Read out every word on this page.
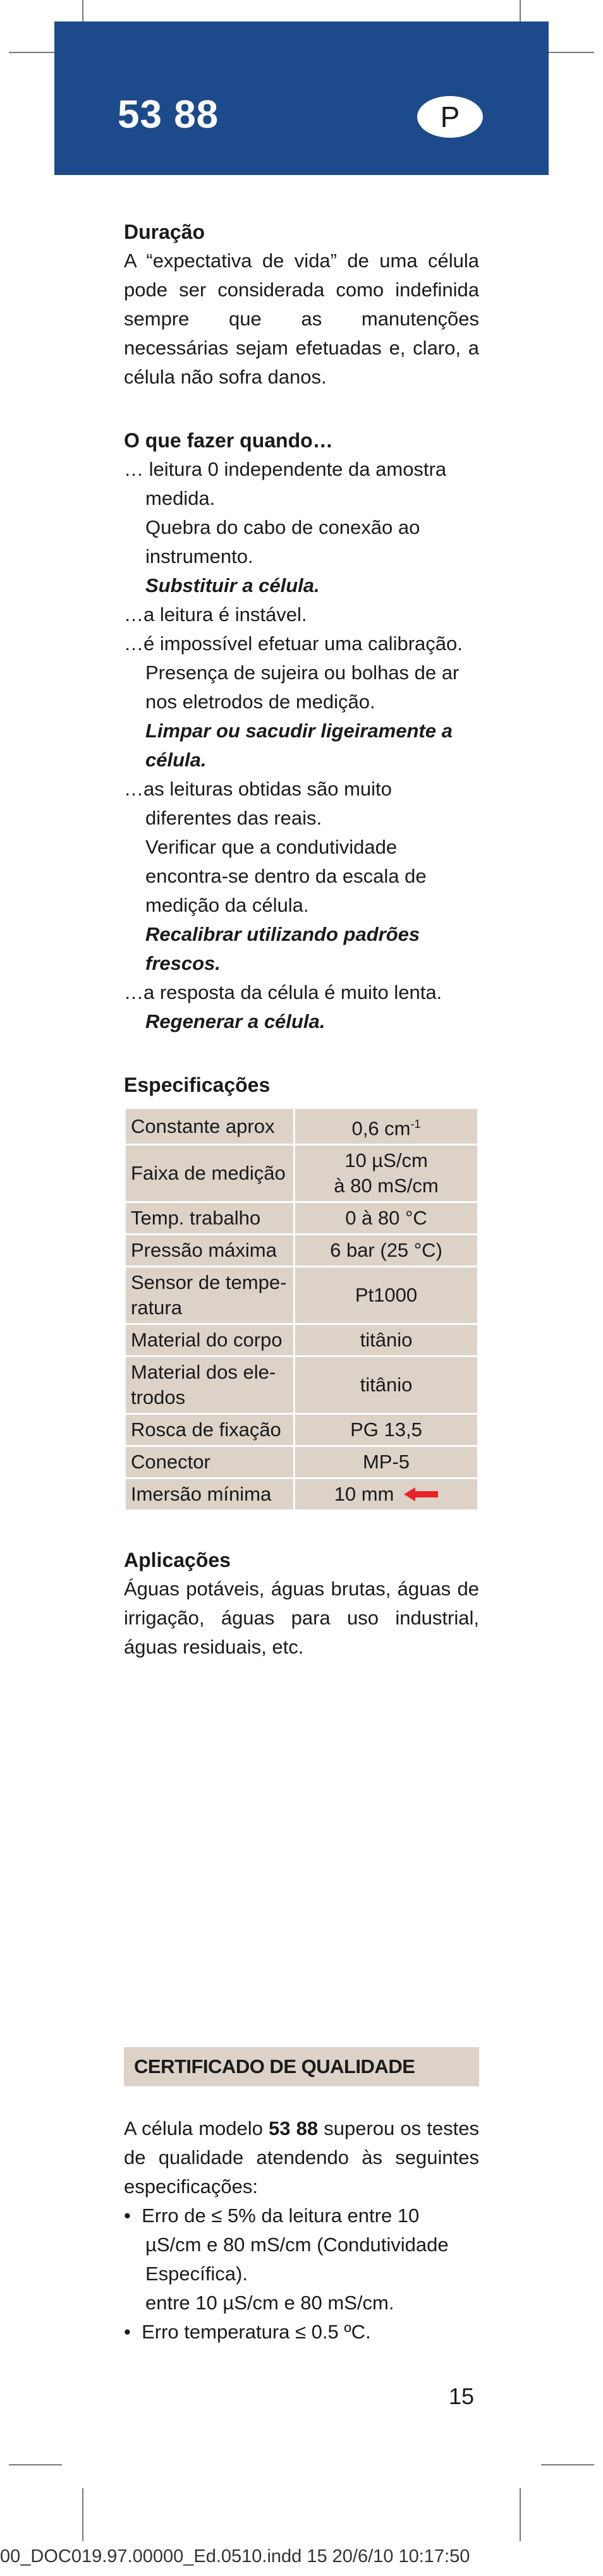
53 88	P
Duração
A “expectativa de vida” de uma célula pode ser considerada como indefinida sempre que as manutenções necessárias sejam efetuadas e, claro, a célula não sofra danos.
O que fazer quando…
… leitura 0 independente da amostra medida.
Quebra do cabo de conexão ao instrumento.
Substituir a célula.
…a leitura é instável.
…é impossível efetuar uma calibração.
Presença de sujeira ou bolhas de ar nos eletrodos de medição.
Limpar ou sacudir ligeiramente a célula.
…as leituras obtidas são muito diferentes das reais.
Verificar que a condutividade encontra-se dentro da escala de medição da célula.
Recalibrar utilizando padrões frescos.
…a resposta da célula é muito lenta.
Regenerar a célula.
Especificações
Constante aprox	0,6 $cm^{-1}$
Faixa de medição	10 µS/cm
à 80 mS/cm

Temp. trabalho	0 à 80 °C
Pressão máxima	6 bar (25 °C)

Sensor de tempe-
ratura	Pt1000
Material do corpo	titânio

Material dos ele-
trodos	titânio
Rosca de fixação	PG 13,5
Conector	MP-5
Imersão mínima	10 mm
Aplicações
Águas potáveis, águas brutas, águas de irrigação, águas para uso industrial, águas residuais, etc.
CERTIFICADO DE QUALIDADE
A célula modelo 53 88 superou os testes de qualidade atendendo às seguintes especificações:
•  Erro de ≤ 5% da leitura entre 10 µS/cm e 80 mS/cm (Condutividade Específica).
entre 10 µS/cm e 80 mS/cm.
•  Erro temperatura ≤ 0.5 ºC.
15
00_DOC019.97.00000_Ed.0510.indd 15 20/6/10 10:17:50
